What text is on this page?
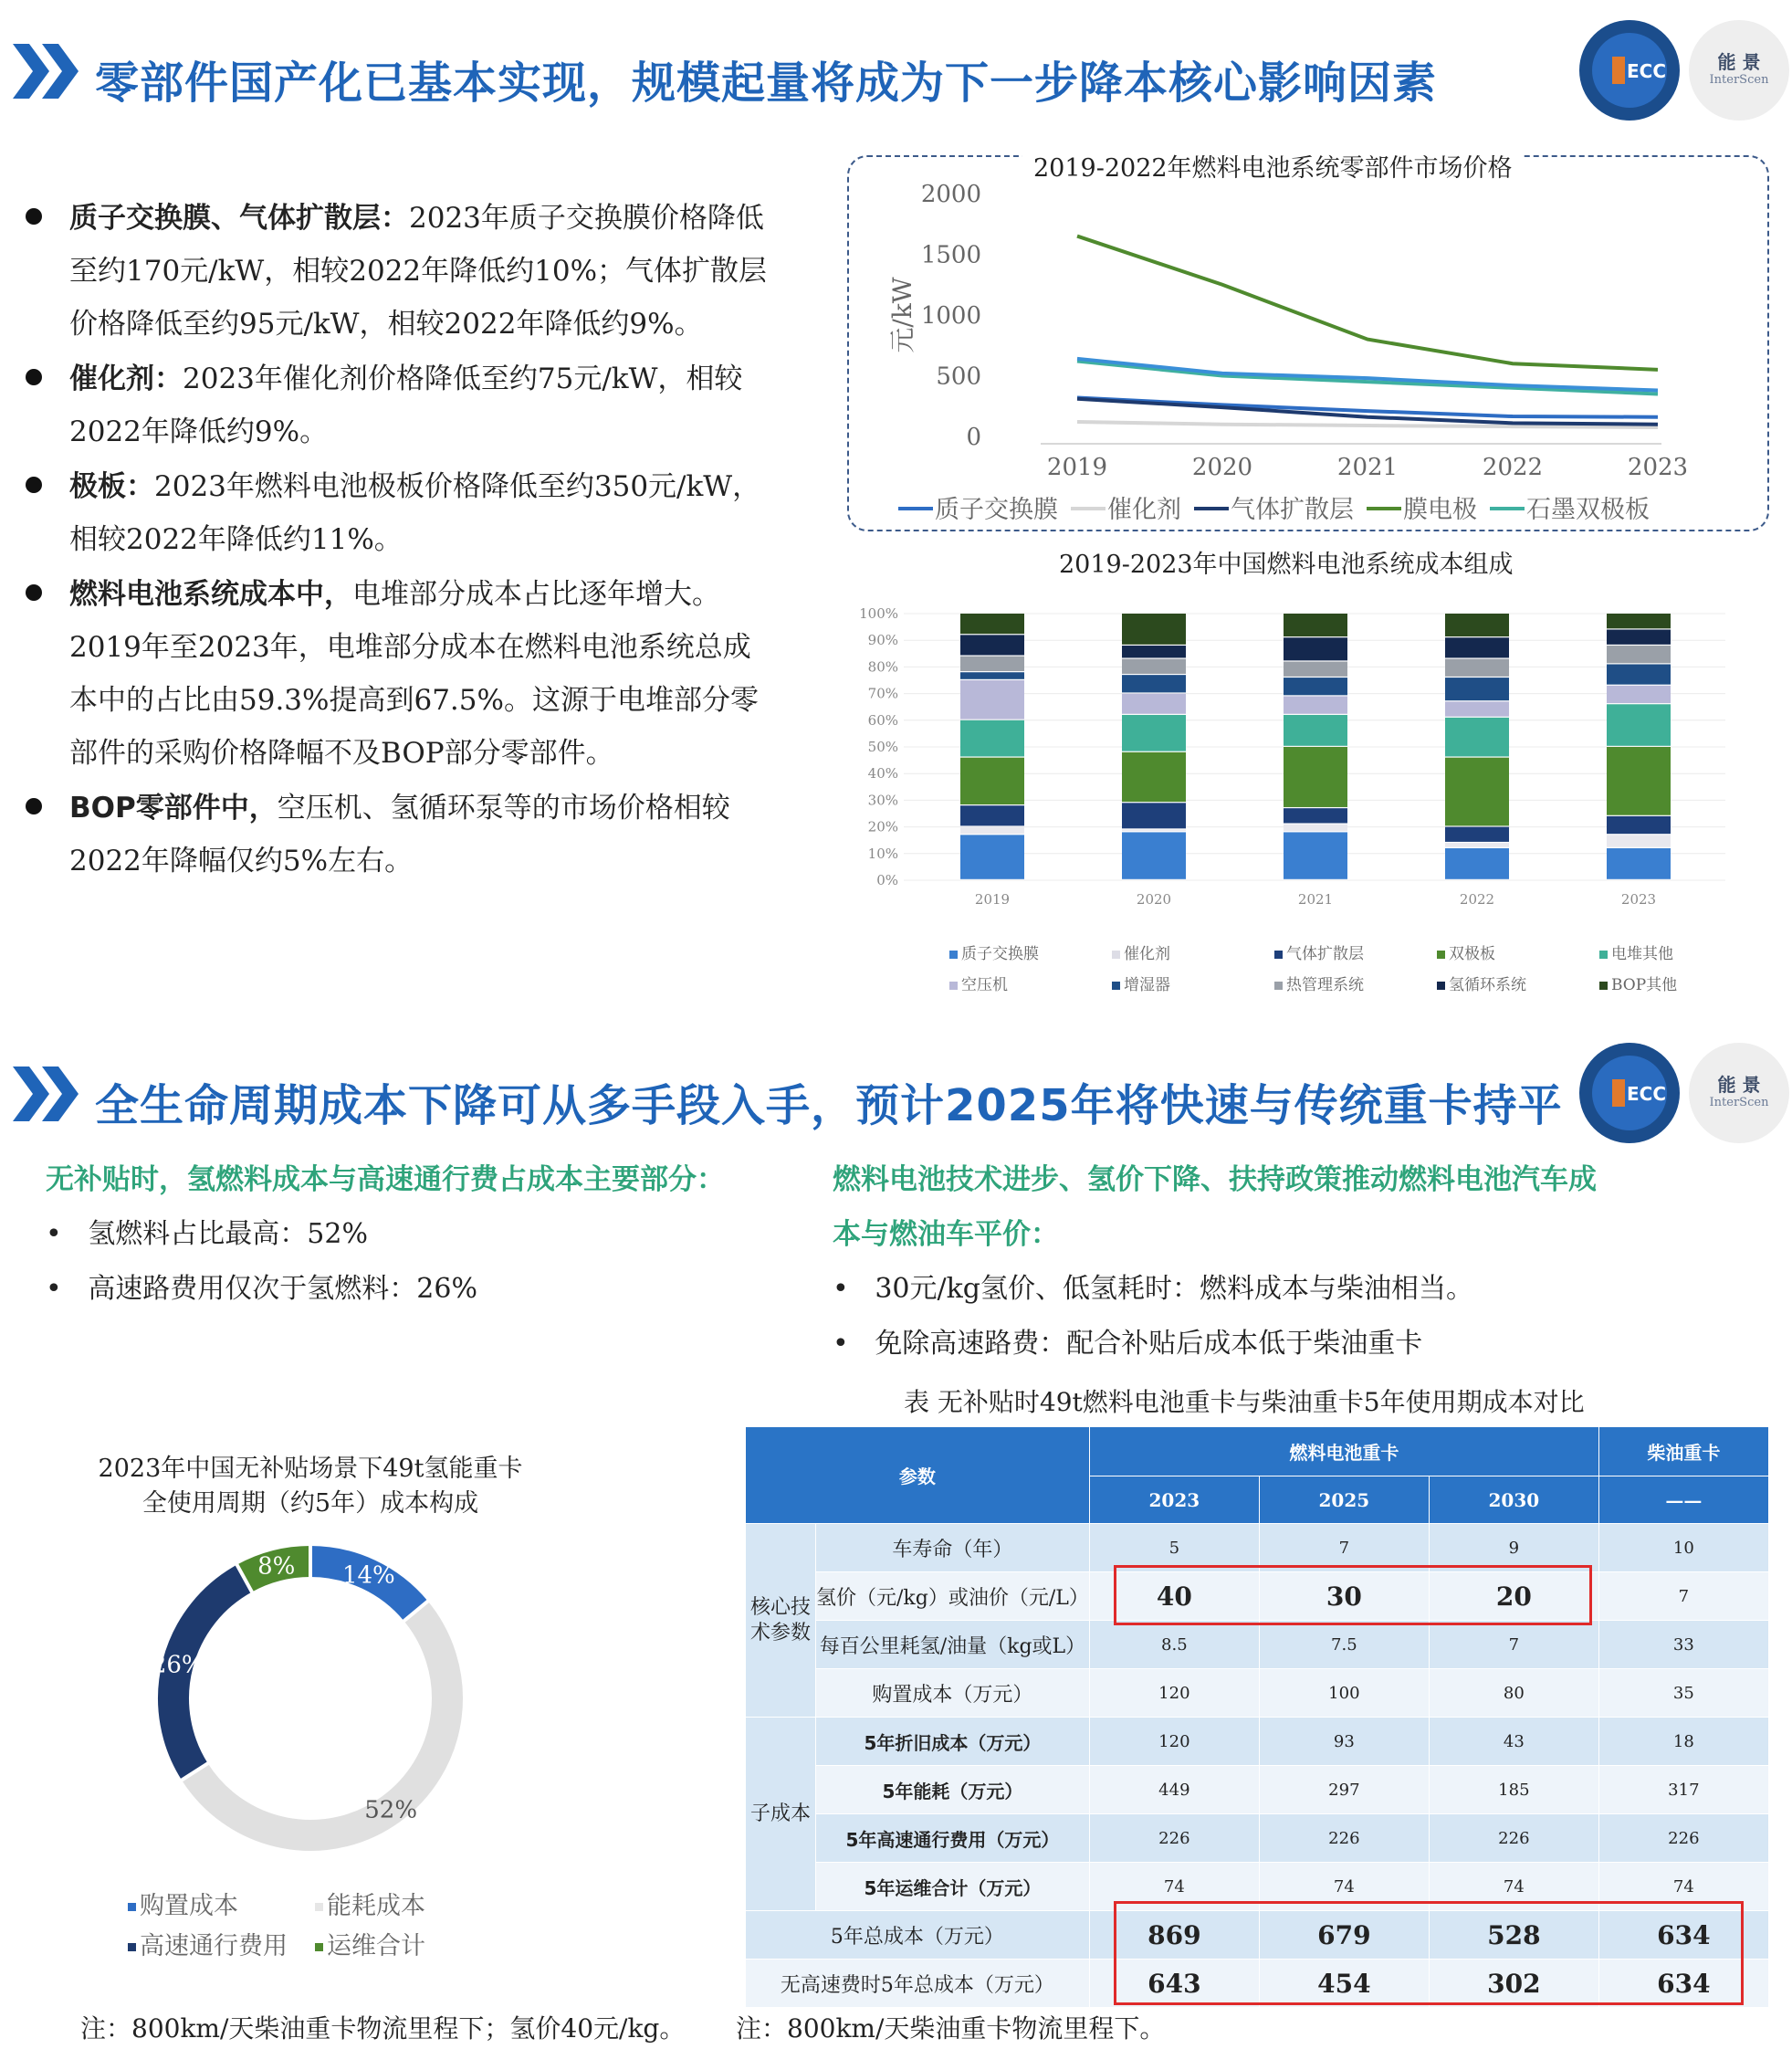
零部件国产化已基本实现，规模起量将成为下一步降本核心影响因素	ECC	能 景
InterScen
质子交换膜、气体扩散层：2023年质子交换膜价格降低至约170元/kW，相较2022年降低约10%；气体扩散层价格降低至约95元/kW，相较2022年降低约9%。
催化剂：2023年催化剂价格降低至约75元/kW，相较2022年降低约9%。
极板：2023年燃料电池极板价格降低至约350元/kW，相较2022年降低约11%。
燃料电池系统成本中，电堆部分成本占比逐年增大。2019年至2023年，电堆部分成本在燃料电池系统总成本中的占比由59.3%提高到67.5%。这源于电堆部分零部件的采购价格降幅不及BOP部分零部件。
BOP零部件中，空压机、氢循环泵等的市场价格相较2022年降幅仅约5%左右。
2019-2022年燃料电池系统零部件市场价格
2000
1500
1000
500
0
2019	2020	2021	2022	2023
元/kW
质子交换膜 催化剂 气体扩散层 膜电极 石墨双极板
2019-2023年中国燃料电池系统成本组成
100%
90%
80%
70%
60%
50%
40%
30%
20%
10%
0%
2019	2020	2021	2022	2023
质子交换膜	催化剂	气体扩散层	双极板	电堆其他
空压机	增湿器	热管理系统	氢循环系统	BOP其他
全生命周期成本下降可从多手段入手，预计2025年将快速与传统重卡持平	ECC	能 景
InterScen
无补贴时，氢燃料成本与高速通行费占成本主要部分：
•   氢燃料占比最高：52%
•   高速路费用仅次于氢燃料：26%
燃料电池技术进步、氢价下降、扶持政策推动燃料电池汽车成
本与燃油车平价：
•   30元/kg氢价、低氢耗时：燃料成本与柴油相当。
•   免除高速路费：配合补贴后成本低于柴油重卡
2023年中国无补贴场景下49t氢能重卡
全使用周期（约5年）成本构成
14%
52%
26%
8%
购置成本	能耗成本
高速通行费用	运维合计
表 无补贴时49t燃料电池重卡与柴油重卡5年使用期成本对比
参数		燃料电池重卡			柴油重卡
		2023	2025	2030	——
核心技术参数	车寿命（年）	5	7	9	10
	氢价（元/kg）或油价（元/L）	40	30	20	7
	每百公里耗氢/油量（kg或L）	8.5	7.5	7	33
	购置成本（万元）	120	100	80	35
子成本	5年折旧成本（万元）	120	93	43	18
	5年能耗（万元）	449	297	185	317
	5年高速通行费用（万元）	226	226	226	226
	5年运维合计（万元）	74	74	74	74
5年总成本（万元）		869	679	528	634
无高速费时5年总成本（万元）		643	454	302	634
注：800km/天柴油重卡物流里程下；氢价40元/kg。 注：800km/天柴油重卡物流里程下。
